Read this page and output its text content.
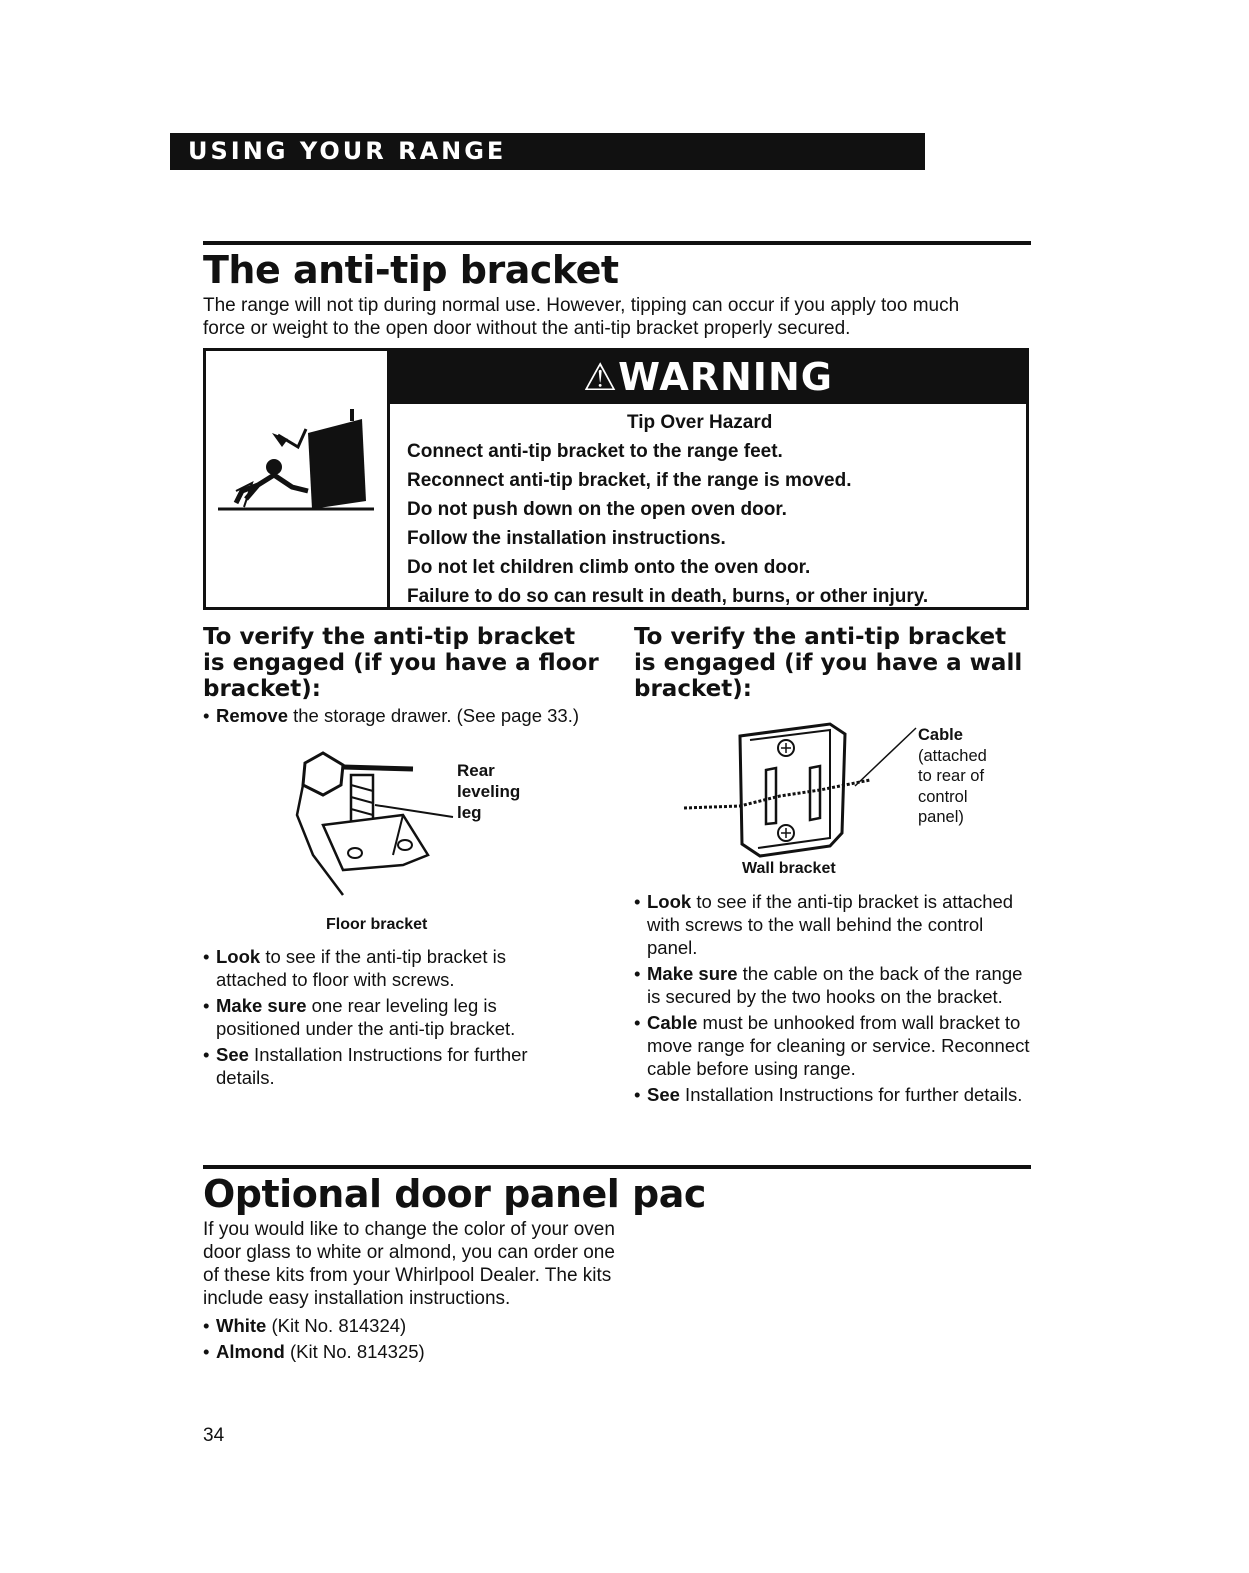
USING YOUR RANGE
The anti-tip bracket
The range will not tip during normal use. However, tipping can occur if you apply too much
force or weight to the open door without the anti-tip bracket properly secured.
⚠WARNING
Tip Over Hazard
Connect anti-tip bracket to the range feet.
Reconnect anti-tip bracket, if the range is moved.
Do not push down on the open oven door.
Follow the installation instructions.
Do not let children climb onto the oven door.
Failure to do so can result in death, burns, or other injury.
To verify the anti-tip bracket
is engaged (if you have a floor
bracket):
• Remove the storage drawer. (See page 33.)
Rear
leveling
leg
Floor bracket
• Look to see if the anti-tip bracket is attached to floor with screws.
• Make sure one rear leveling leg is positioned under the anti-tip bracket.
• See Installation Instructions for further details.
To verify the anti-tip bracket
is engaged (if you have a wall
bracket):
Cable
(attached
to rear of
control
panel)
Wall bracket
• Look to see if the anti-tip bracket is attached with screws to the wall behind the control panel.
• Make sure the cable on the back of the range is secured by the two hooks on the bracket.
• Cable must be unhooked from wall bracket to move range for cleaning or service. Reconnect cable before using range.
• See Installation Instructions for further details.
Optional door panel pac
If you would like to change the color of your oven
door glass to white or almond, you can order one
of these kits from your Whirlpool Dealer. The kits
include easy installation instructions.
• White (Kit No. 814324)
• Almond (Kit No. 814325)
34
